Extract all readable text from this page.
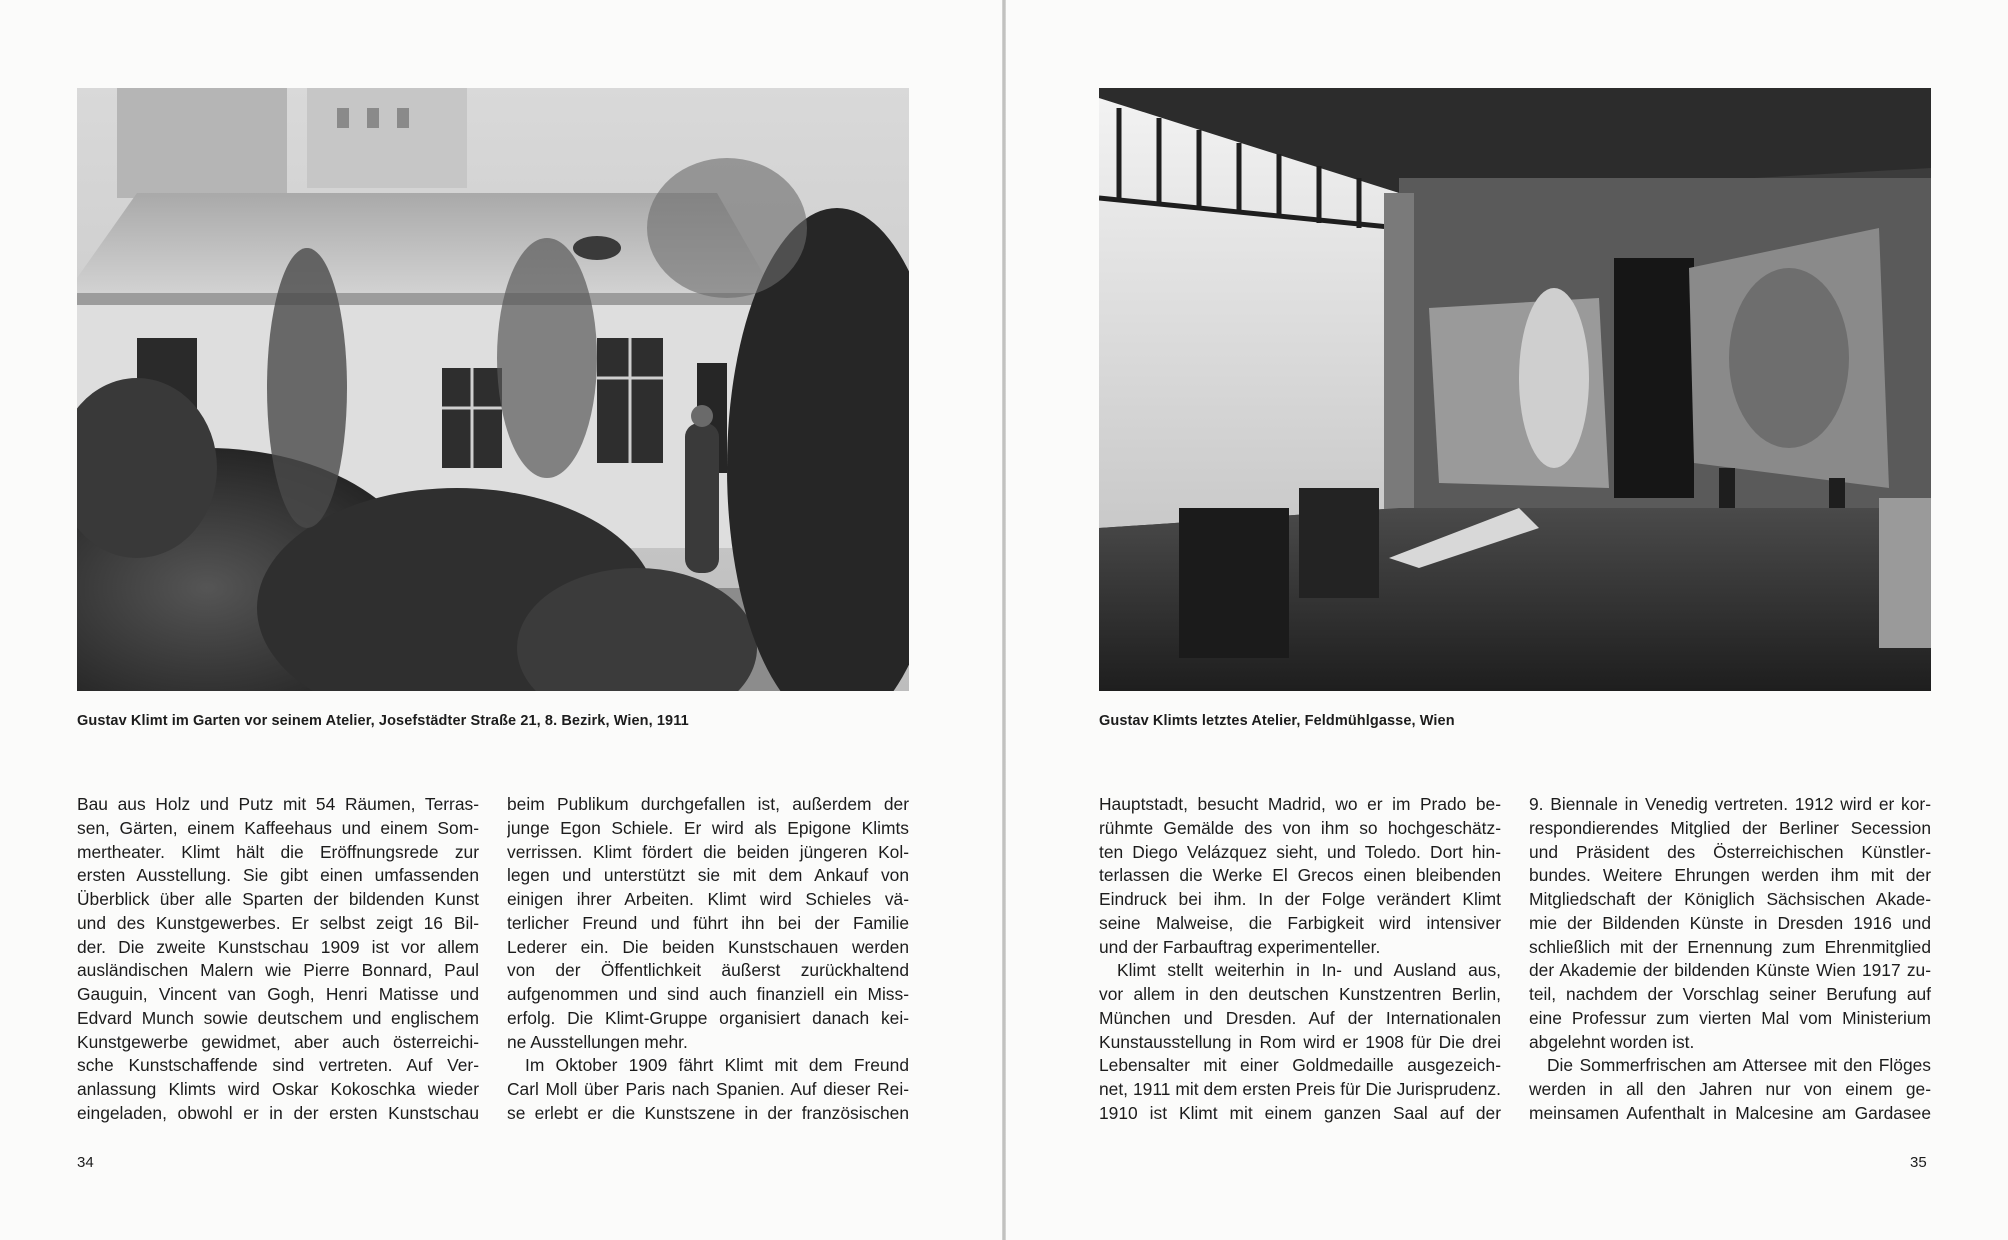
Gustav Klimt im Garten vor seinem Atelier, Josefstädter Straße 21, 8. Bezirk, Wien, 1911
Bau aus Holz und Putz mit 54 Räumen, Terras-
sen, Gärten, einem Kaffeehaus und einem Som-
mertheater. Klimt hält die Eröffnungsrede zur
ersten Ausstellung. Sie gibt einen umfassenden
Überblick über alle Sparten der bildenden Kunst
und des Kunstgewerbes. Er selbst zeigt 16 Bil-
der. Die zweite Kunstschau 1909 ist vor allem
ausländischen Malern wie Pierre Bonnard, Paul
Gauguin, Vincent van Gogh, Henri Matisse und
Edvard Munch sowie deutschem und englischem
Kunstgewerbe gewidmet, aber auch österreichi-
sche Kunstschaffende sind vertreten. Auf Ver-
anlassung Klimts wird Oskar Kokoschka wieder
eingeladen, obwohl er in der ersten Kunstschau
beim Publikum durchgefallen ist, außerdem der
junge Egon Schiele. Er wird als Epigone Klimts
verrissen. Klimt fördert die beiden jüngeren Kol-
legen und unterstützt sie mit dem Ankauf von
einigen ihrer Arbeiten. Klimt wird Schieles vä-
terlicher Freund und führt ihn bei der Familie
Lederer ein. Die beiden Kunstschauen werden
von der Öffentlichkeit äußerst zurückhaltend
aufgenommen und sind auch finanziell ein Miss-
erfolg. Die Klimt-Gruppe organisiert danach kei-
ne Ausstellungen mehr.
Im Oktober 1909 fährt Klimt mit dem Freund
Carl Moll über Paris nach Spanien. Auf dieser Rei-
se erlebt er die Kunstszene in der französischen
34
Gustav Klimts letztes Atelier, Feldmühlgasse, Wien
Hauptstadt, besucht Madrid, wo er im Prado be-
rühmte Gemälde des von ihm so hochgeschätz-
ten Diego Velázquez sieht, und Toledo. Dort hin-
terlassen die Werke El Grecos einen bleibenden
Eindruck bei ihm. In der Folge verändert Klimt
seine Malweise, die Farbigkeit wird intensiver
und der Farbauftrag experimenteller.
Klimt stellt weiterhin in In- und Ausland aus,
vor allem in den deutschen Kunstzentren Berlin,
München und Dresden. Auf der Internationalen
Kunstausstellung in Rom wird er 1908 für Die drei
Lebensalter mit einer Goldmedaille ausgezeich-
net, 1911 mit dem ersten Preis für Die Jurisprudenz.
1910 ist Klimt mit einem ganzen Saal auf der
9. Biennale in Venedig vertreten. 1912 wird er kor-
respondierendes Mitglied der Berliner Secession
und Präsident des Österreichischen Künstler-
bundes. Weitere Ehrungen werden ihm mit der
Mitgliedschaft der Königlich Sächsischen Akade-
mie der Bildenden Künste in Dresden 1916 und
schließlich mit der Ernennung zum Ehrenmitglied
der Akademie der bildenden Künste Wien 1917 zu-
teil, nachdem der Vorschlag seiner Berufung auf
eine Professur zum vierten Mal vom Ministerium
abgelehnt worden ist.
Die Sommerfrischen am Attersee mit den Flöges
werden in all den Jahren nur von einem ge-
meinsamen Aufenthalt in Malcesine am Gardasee
35
